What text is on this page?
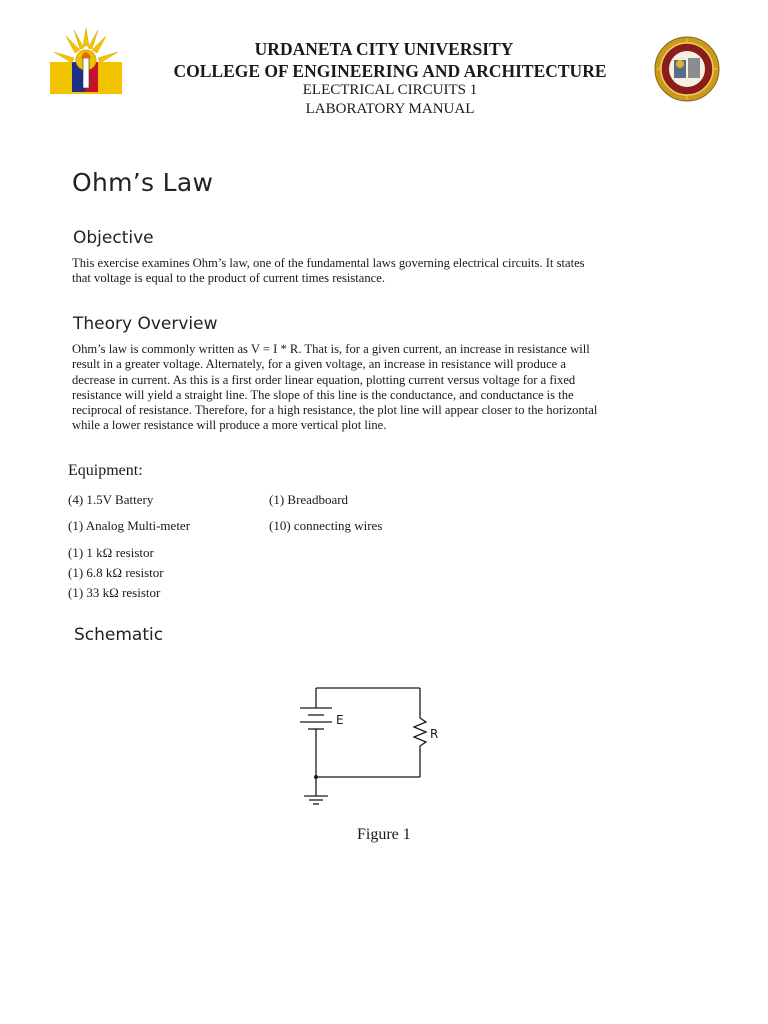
URDANETA CITY UNIVERSITY
COLLEGE OF ENGINEERING AND ARCHITECTURE
ELECTRICAL CIRCUITS 1
LABORATORY MANUAL
Ohm’s Law
Objective
This exercise examines Ohm’s law, one of the fundamental laws governing electrical circuits. It states
that voltage is equal to the product of current times resistance.
Theory Overview
Ohm’s law is commonly written as V = I * R. That is, for a given current, an increase in resistance will
result in a greater voltage. Alternately, for a given voltage, an increase in resistance will produce a
decrease in current. As this is a first order linear equation, plotting current versus voltage for a fixed
resistance will yield a straight line. The slope of this line is the conductance, and conductance is the
reciprocal of resistance. Therefore, for a high resistance, the plot line will appear closer to the horizontal
while a lower resistance will produce a more vertical plot line.
Equipment:
(4) 1.5V Battery	(1) Breadboard
(1) Analog Multi-meter	(10) connecting wires
(1) 1 kΩ resistor
(1) 6.8 kΩ resistor
(1) 33 kΩ resistor
Schematic
E
R
Figure 1
